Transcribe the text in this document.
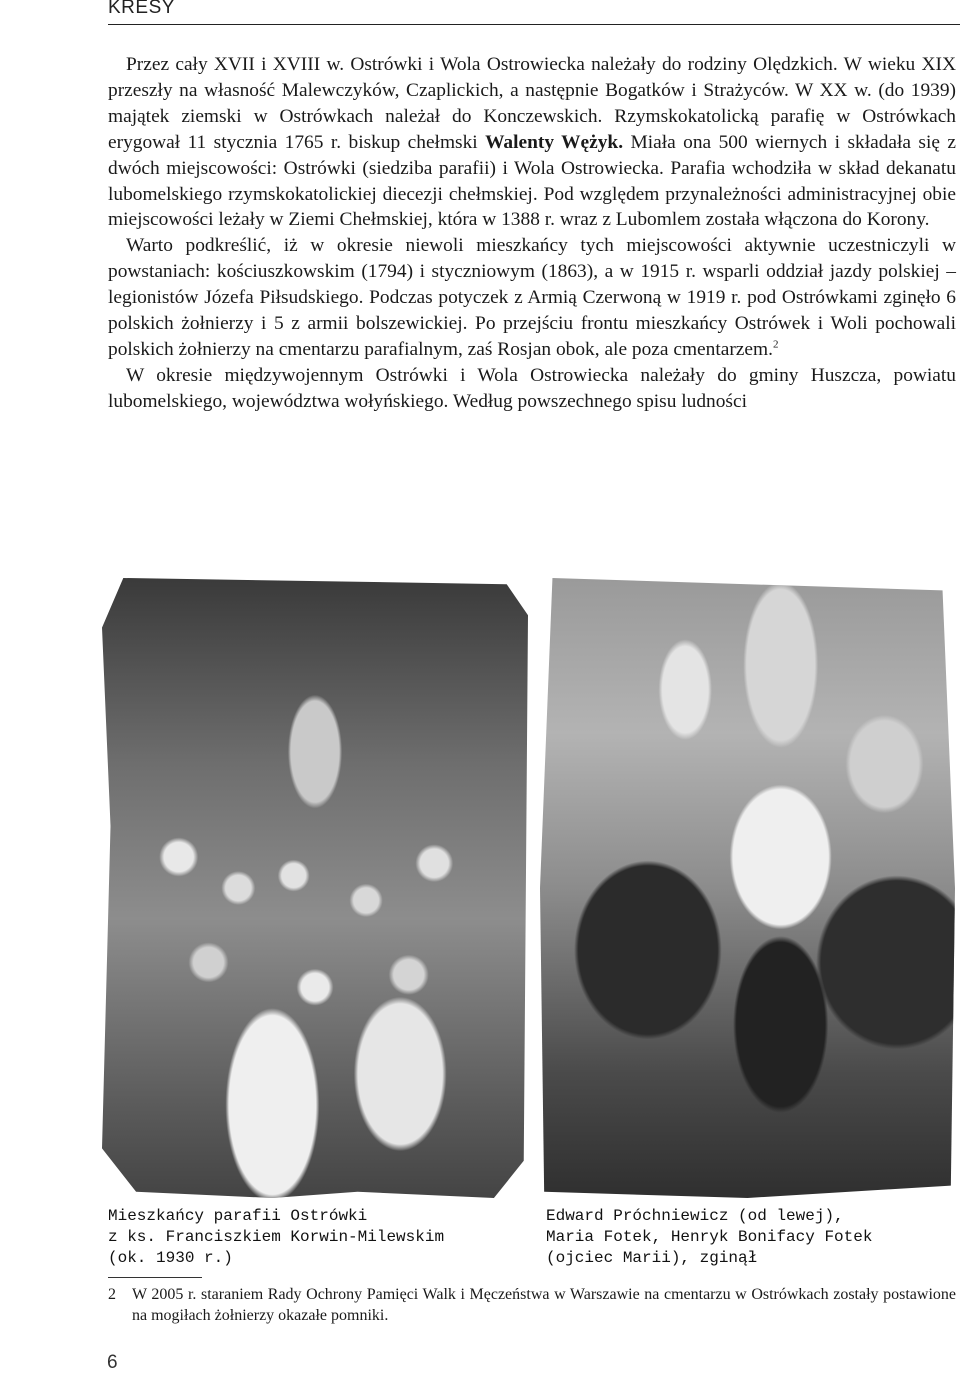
KRESY

Przez cały XVII i XVIII w. Ostrówki i Wola Ostrowiecka należały do rodziny Olędzkich. W wieku XIX przeszły na własność Malewczyków, Czaplickich, a następnie Bogatków i Strażyców. W XX w. (do 1939) majątek ziemski w Ostrówkach należał do Konczewskich. Rzymskokatolicką parafię w Ostrówkach erygował 11 stycznia 1765 r. biskup chełmski Walenty Wężyk. Miała ona 500 wiernych i składała się z dwóch miejscowości: Ostrówki (siedziba parafii) i Wola Ostrowiecka. Parafia wchodziła w skład dekanatu lubomelskiego rzymskokatolickiej diecezji chełmskiej. Pod względem przynależności administracyjnej obie miejscowości leżały w Ziemi Chełmskiej, która w 1388 r. wraz z Lubomlem została włączona do Korony.

Warto podkreślić, iż w okresie niewoli mieszkańcy tych miejscowości aktywnie uczestniczyli w powstaniach: kościuszkowskim (1794) i styczniowym (1863), a w 1915 r. wsparli oddział jazdy polskiej – legionistów Józefa Piłsudskiego. Podczas potyczek z Armią Czerwoną w 1919 r. pod Ostrówkami zginęło 6 polskich żołnierzy i 5 z armii bolszewickiej. Po przejściu frontu mieszkańcy Ostrówek i Woli pochowali polskich żołnierzy na cmentarzu parafialnym, zaś Rosjan obok, ale poza cmentarzem.$^2$

W okresie międzywojennym Ostrówki i Wola Ostrowiecka należały do gminy Huszcza, powiatu lubomelskiego, województwa wołyńskiego. Według powszechnego spisu ludności

Mieszkańcy parafii Ostrówki
z ks. Franciszkiem Korwin-Milewskim
(ok. 1930 r.)
Edward Próchniewicz (od lewej),
Maria Fotek, Henryk Bonifacy Fotek
(ojciec Marii), zginął
2 W 2005 r. staraniem Rady Ochrony Pamięci Walk i Męczeństwa w Warszawie na cmentarzu w Ostrówkach zostały postawione na mogiłach żołnierzy okazałe pomniki.
6
